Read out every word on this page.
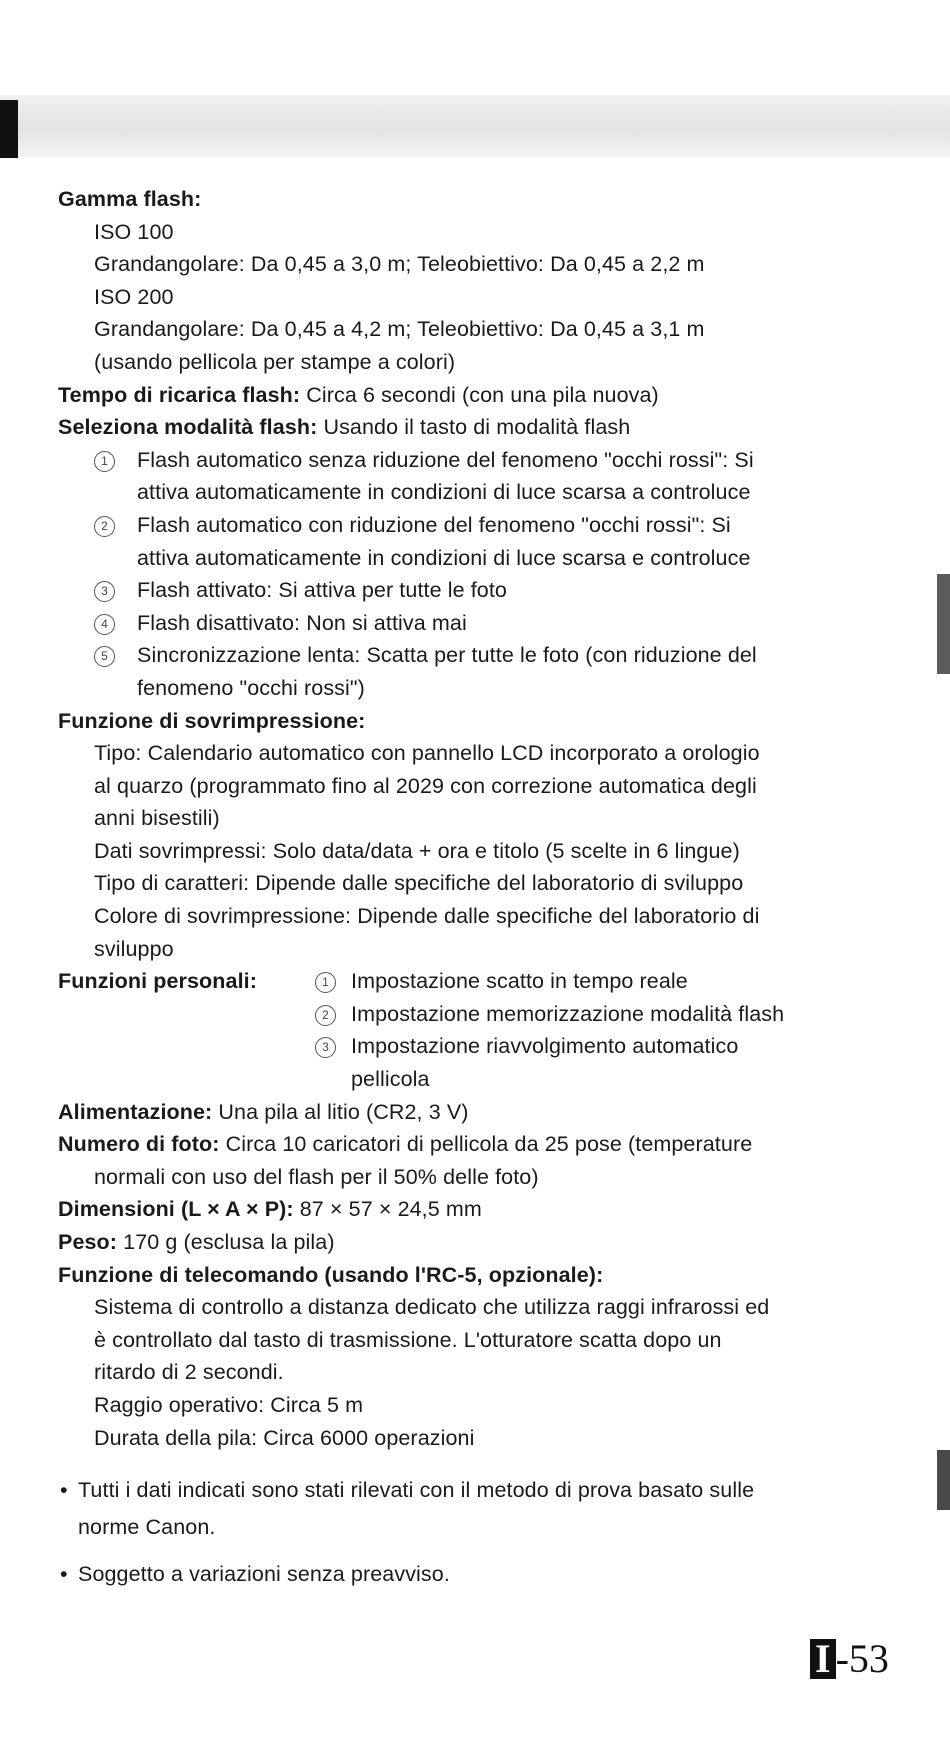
Gamma flash:
ISO 100
Grandangolare: Da 0,45 a 3,0 m; Teleobiettivo: Da 0,45 a 2,2 m
ISO 200
Grandangolare: Da 0,45 a 4,2 m; Teleobiettivo: Da 0,45 a 3,1 m
(usando pellicola per stampe a colori)
Tempo di ricarica flash: Circa 6 secondi (con una pila nuova)
Seleziona modalità flash: Usando il tasto di modalità flash
1	Flash automatico senza riduzione del fenomeno "occhi rossi": Si
attiva automaticamente in condizioni di luce scarsa a controluce
2	Flash automatico con riduzione del fenomeno "occhi rossi": Si
attiva automaticamente in condizioni di luce scarsa e controluce
3	Flash attivato: Si attiva per tutte le foto
4	Flash disattivato: Non si attiva mai
5	Sincronizzazione lenta: Scatta per tutte le foto (con riduzione del
fenomeno "occhi rossi")
Funzione di sovrimpressione:
Tipo: Calendario automatico con pannello LCD incorporato a orologio
al quarzo (programmato fino al 2029 con correzione automatica degli
anni bisestili)
Dati sovrimpressi: Solo data/data + ora e titolo (5 scelte in 6 lingue)
Tipo di caratteri: Dipende dalle specifiche del laboratorio di sviluppo
Colore di sovrimpressione: Dipende dalle specifiche del laboratorio di
sviluppo
Funzioni personali:	1	Impostazione scatto in tempo reale
2	Impostazione memorizzazione modalità flash
3	Impostazione riavvolgimento automatico
pellicola
Alimentazione: Una pila al litio (CR2, 3 V)
Numero di foto: Circa 10 caricatori di pellicola da 25 pose (temperature
normali con uso del flash per il 50% delle foto)
Dimensioni (L × A × P): 87 × 57 × 24,5 mm
Peso: 170 g (esclusa la pila)
Funzione di telecomando (usando l'RC-5, opzionale):
Sistema di controllo a distanza dedicato che utilizza raggi infrarossi ed
è controllato dal tasto di trasmissione. L'otturatore scatta dopo un
ritardo di 2 secondi.
Raggio operativo: Circa 5 m
Durata della pila: Circa 6000 operazioni
• Tutti i dati indicati sono stati rilevati con il metodo di prova basato sulle
norme Canon.
• Soggetto a variazioni senza preavviso.
I -53
